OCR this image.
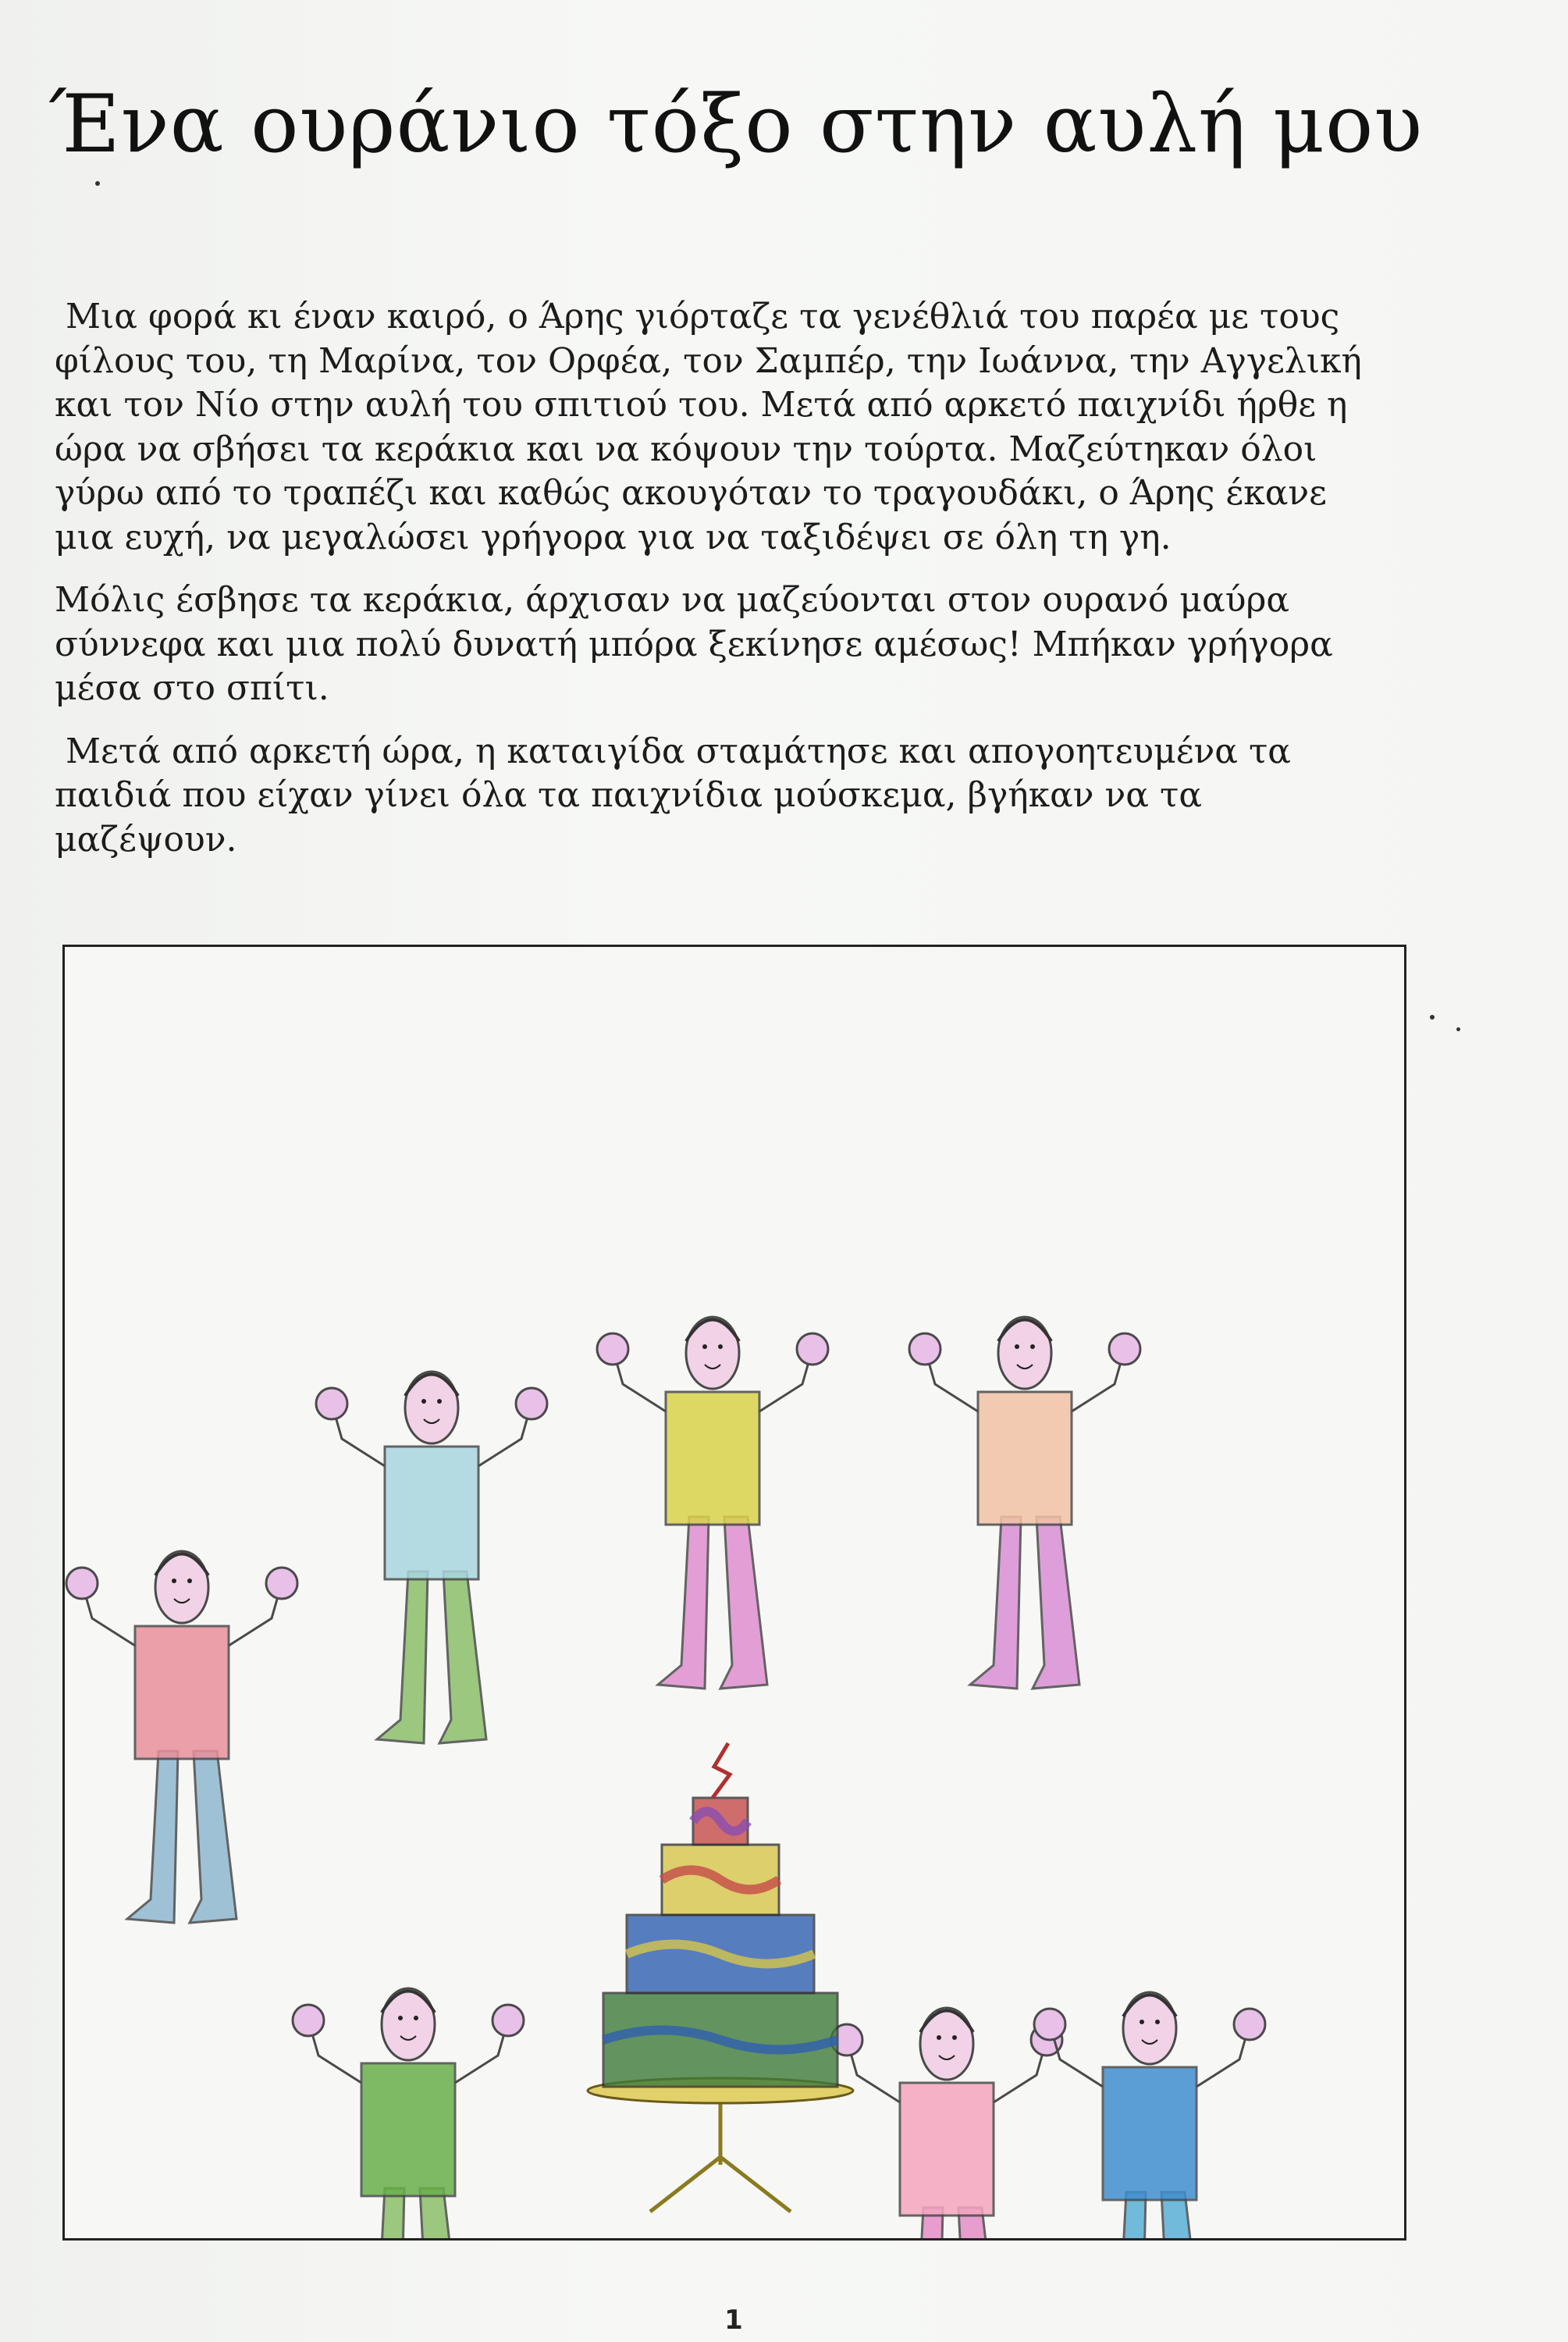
Ένα ουράνιο τόξο στην αυλή μου

Μια φορά κι έναν καιρό, ο Άρης γιόρταζε τα γενέθλιά του παρέα με τους φίλους του, τη Μαρίνα, τον Ορφέα, τον Σαμπέρ, την Ιωάννα, την Αγγελική και τον Νίο στην αυλή του σπιτιού του. Μετά από αρκετό παιχνίδι ήρθε η ώρα να σβήσει τα κεράκια και να κόψουν την τούρτα. Μαζεύτηκαν όλοι γύρω από το τραπέζι και καθώς ακουγόταν το τραγουδάκι, ο Άρης έκανε μια ευχή, να μεγαλώσει γρήγορα για να ταξιδέψει σε όλη τη γη.

Μόλις έσβησε τα κεράκια, άρχισαν να μαζεύονται στον ουρανό μαύρα σύννεφα και μια πολύ δυνατή μπόρα ξεκίνησε αμέσως! Μπήκαν γρήγορα μέσα στο σπίτι.

Μετά από αρκετή ώρα, η καταιγίδα σταμάτησε και απογοητευμένα τα παιδιά που είχαν γίνει όλα τα παιχνίδια μούσκεμα, βγήκαν να τα μαζέψουν.

1
